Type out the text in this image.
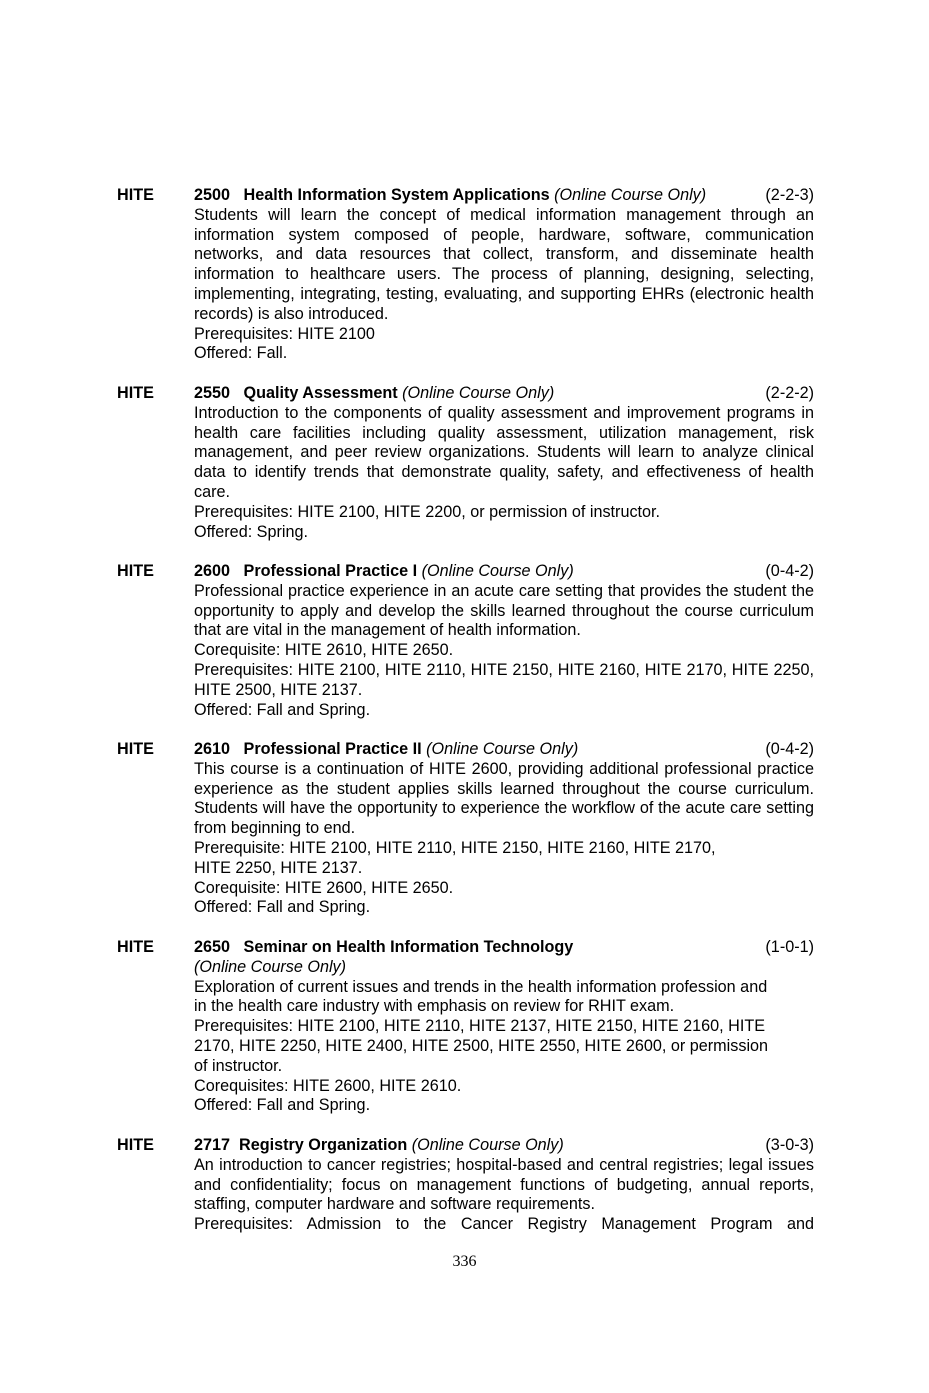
HITE 2500 Health Information System Applications (Online Course Only)	(2-2-3)
Students will learn the concept of medical information management through an information system composed of people, hardware, software, communication networks, and data resources that collect, transform, and disseminate health information to healthcare users. The process of planning, designing, selecting, implementing, integrating, testing, evaluating, and supporting EHRs (electronic health records) is also introduced.
Prerequisites: HITE 2100
Offered: Fall.
HITE 2550 Quality Assessment (Online Course Only)	(2-2-2)
Introduction to the components of quality assessment and improvement programs in health care facilities including quality assessment, utilization management, risk management, and peer review organizations. Students will learn to analyze clinical data to identify trends that demonstrate quality, safety, and effectiveness of health care.
Prerequisites: HITE 2100, HITE 2200, or permission of instructor.
Offered: Spring.
HITE 2600 Professional Practice I (Online Course Only)	(0-4-2)
Professional practice experience in an acute care setting that provides the student the opportunity to apply and develop the skills learned throughout the course curriculum that are vital in the management of health information.
Corequisite: HITE 2610, HITE 2650.
Prerequisites: HITE 2100, HITE 2110, HITE 2150, HITE 2160, HITE 2170, HITE 2250, HITE 2500, HITE 2137.
Offered: Fall and Spring.
HITE 2610 Professional Practice II (Online Course Only)	(0-4-2)
This course is a continuation of HITE 2600, providing additional professional practice experience as the student applies skills learned throughout the course curriculum. Students will have the opportunity to experience the workflow of the acute care setting from beginning to end.
Prerequisite: HITE 2100, HITE 2110, HITE 2150, HITE 2160, HITE 2170,
HITE 2250, HITE 2137.
Corequisite: HITE 2600, HITE 2650.
Offered: Fall and Spring.
HITE 2650 Seminar on Health Information Technology	(1-0-1)
(Online Course Only)
Exploration of current issues and trends in the health information profession and
in the health care industry with emphasis on review for RHIT exam.
Prerequisites: HITE 2100, HITE 2110, HITE 2137, HITE 2150, HITE 2160, HITE
2170, HITE 2250, HITE 2400, HITE 2500, HITE 2550, HITE 2600, or permission
of instructor.
Corequisites: HITE 2600, HITE 2610.
Offered: Fall and Spring.
HITE 2717 Registry Organization (Online Course Only)	(3-0-3)
An introduction to cancer registries; hospital-based and central registries; legal issues and confidentiality; focus on management functions of budgeting, annual reports, staffing, computer hardware and software requirements.
Prerequisites: Admission to the Cancer Registry Management Program and
336
